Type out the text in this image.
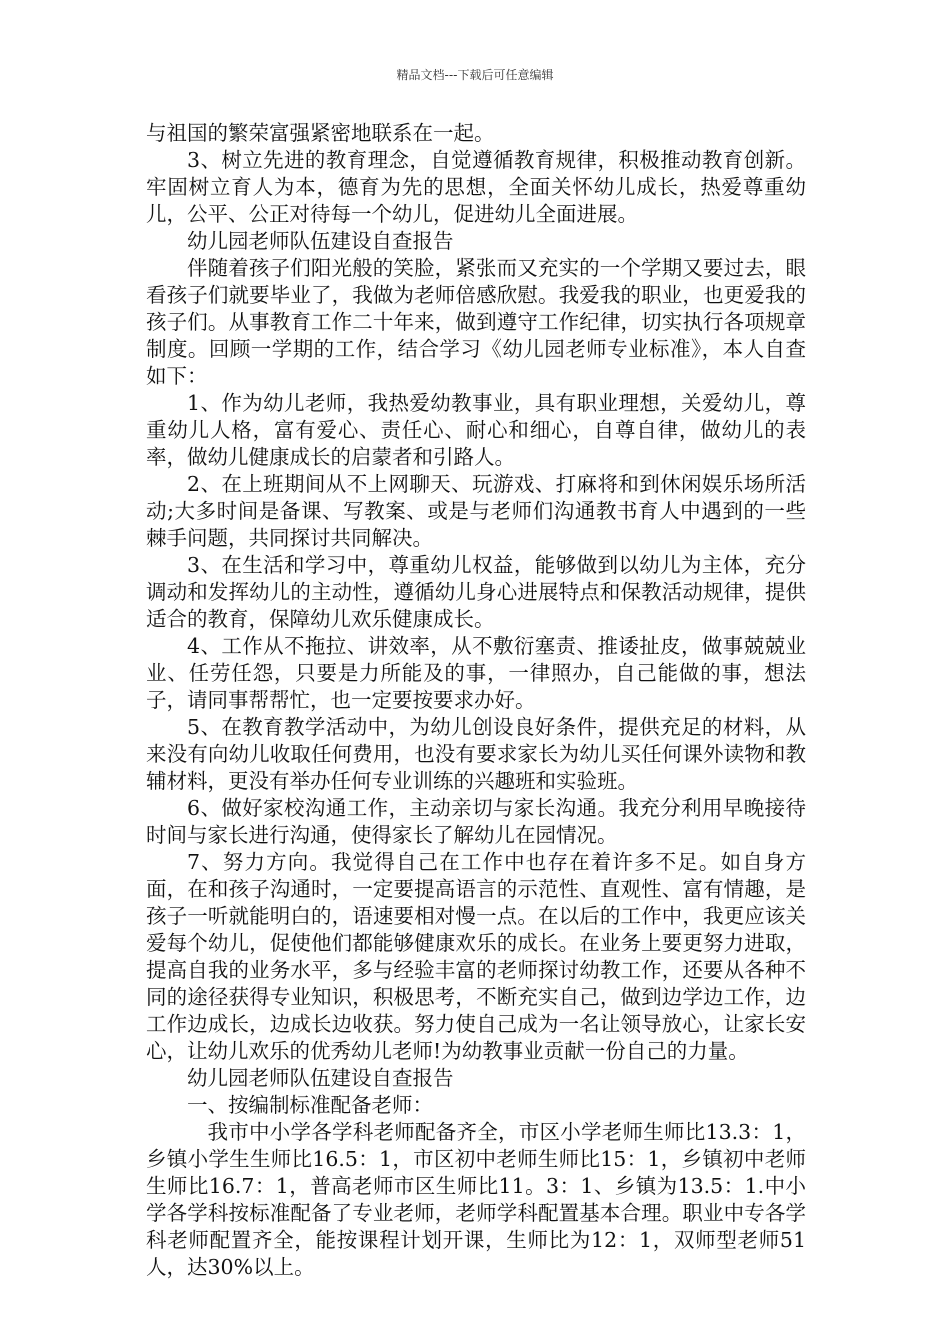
精品文档---下载后可任意编辑

与祖国的繁荣富强紧密地联系在一起。

3、树立先进的教育理念，自觉遵循教育规律，积极推动教育创新。牢固树立育人为本，德育为先的思想，全面关怀幼儿成长，热爱尊重幼儿，公平、公正对待每一个幼儿，促进幼儿全面进展。

幼儿园老师队伍建设自查报告

伴随着孩子们阳光般的笑脸，紧张而又充实的一个学期又要过去，眼看孩子们就要毕业了，我做为老师倍感欣慰。我爱我的职业，也更爱我的孩子们。从事教育工作二十年来，做到遵守工作纪律，切实执行各项规章制度。回顾一学期的工作，结合学习《幼儿园老师专业标准》，本人自查如下：

1、作为幼儿老师，我热爱幼教事业，具有职业理想，关爱幼儿，尊重幼儿人格，富有爱心、责任心、耐心和细心，自尊自律，做幼儿的表率，做幼儿健康成长的启蒙者和引路人。

2、在上班期间从不上网聊天、玩游戏、打麻将和到休闲娱乐场所活动;大多时间是备课、写教案、或是与老师们沟通教书育人中遇到的一些棘手问题，共同探讨共同解决。

3、在生活和学习中，尊重幼儿权益，能够做到以幼儿为主体，充分调动和发挥幼儿的主动性，遵循幼儿身心进展特点和保教活动规律，提供适合的教育，保障幼儿欢乐健康成长。

4、工作从不拖拉、讲效率，从不敷衍塞责、推诿扯皮，做事兢兢业业、任劳任怨，只要是力所能及的事，一律照办，自己能做的事，想法子，请同事帮帮忙，也一定要按要求办好。

5、在教育教学活动中，为幼儿创设良好条件，提供充足的材料，从来没有向幼儿收取任何费用，也没有要求家长为幼儿买任何课外读物和教辅材料，更没有举办任何专业训练的兴趣班和实验班。

6、做好家校沟通工作，主动亲切与家长沟通。我充分利用早晚接待时间与家长进行沟通，使得家长了解幼儿在园情况。

7、努力方向。我觉得自己在工作中也存在着许多不足。如自身方面，在和孩子沟通时，一定要提高语言的示范性、直观性、富有情趣，是孩子一听就能明白的，语速要相对慢一点。在以后的工作中，我更应该关爱每个幼儿，促使他们都能够健康欢乐的成长。在业务上要更努力进取，提高自我的业务水平，多与经验丰富的老师探讨幼教工作，还要从各种不同的途径获得专业知识，积极思考，不断充实自己，做到边学边工作，边工作边成长，边成长边收获。努力使自己成为一名让领导放心，让家长安心，让幼儿欢乐的优秀幼儿老师!为幼教事业贡献一份自己的力量。

幼儿园老师队伍建设自查报告

一、按编制标准配备老师：

我市中小学各学科老师配备齐全，市区小学老师生师比13.3：1，乡镇小学生生师比16.5：1，市区初中老师生师比15：1，乡镇初中老师生师比16.7：1，普高老师市区生师比11。3：1、乡镇为13.5：1.中小学各学科按标准配备了专业老师，老师学科配置基本合理。职业中专各学科老师配置齐全，能按课程计划开课，生师比为12：1，双师型老师51人，达30%以上。
